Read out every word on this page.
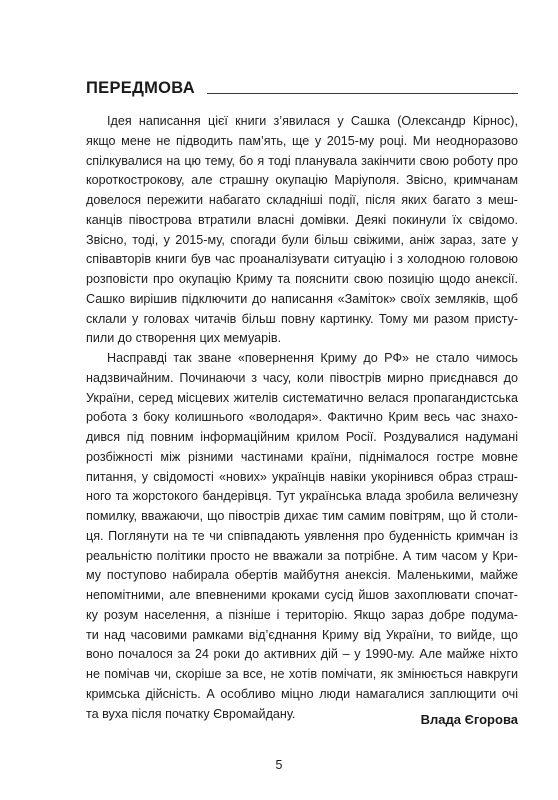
ПЕРЕДМОВА
Ідея написання цієї книги з’явилася у Сашка (Олександр Кірнос),
якщо мене не підводить пам’ять, ще у 2015-му році. Ми неодноразово
спілкувалися на цю тему, бо я тоді планувала закінчити свою роботу про
короткострокову, але страшну окупацію Маріуполя. Звісно, кримчанам
довелося пережити набагато складніші події, після яких багато з меш-
канців півострова втратили власні домівки. Деякі покинули їх свідомо.
Звісно, тоді, у 2015-му, спогади були більш свіжими, аніж зараз, зате у
співавторів книги був час проаналізувати ситуацію і з холодною головою
розповісти про окупацію Криму та пояснити свою позицію щодо анексії.
Сашко вирішив підключити до написання «Заміток» своїх земляків, щоб
склали у головах читачів більш повну картинку. Тому ми разом присту-
пили до створення цих мемуарів.
Насправді так зване «повернення Криму до РФ» не стало чимось
надзвичайним. Починаючи з часу, коли півострів мирно приєднався до
України, серед місцевих жителів систематично велася пропагандистська
робота з боку колишнього «володаря». Фактично Крим весь час знахо-
дився під повним інформаційним крилом Росії. Роздувалися надумані
розбіжності між різними частинами країни, піднімалося гостре мовне
питання, у свідомості «нових» українців навіки укорінився образ страш-
ного та жорстокого бандерівця. Тут українська влада зробила величезну
помилку, вважаючи, що півострів дихає тим самим повітрям, що й столи-
ця. Поглянути на те чи співпадають уявлення про буденність кримчан із
реальністю політики просто не вважали за потрібне. А тим часом у Кри-
му поступово набирала обертів майбутня анексія. Маленькими, майже
непомітними, але впевненими кроками сусід йшов захоплювати спочат-
ку розум населення, а пізніше і територію. Якщо зараз добре подума-
ти над часовими рамками від’єднання Криму від України, то вийде, що
воно почалося за 24 роки до активних дій – у 1990-му. Але майже ніхто
не помічав чи, скоріше за все, не хотів помічати, як змінюється навкруги
кримська дійсність. А особливо міцно люди намагалися заплющити очі
та вуха після початку Євромайдану.	Влада Єгорова
5
